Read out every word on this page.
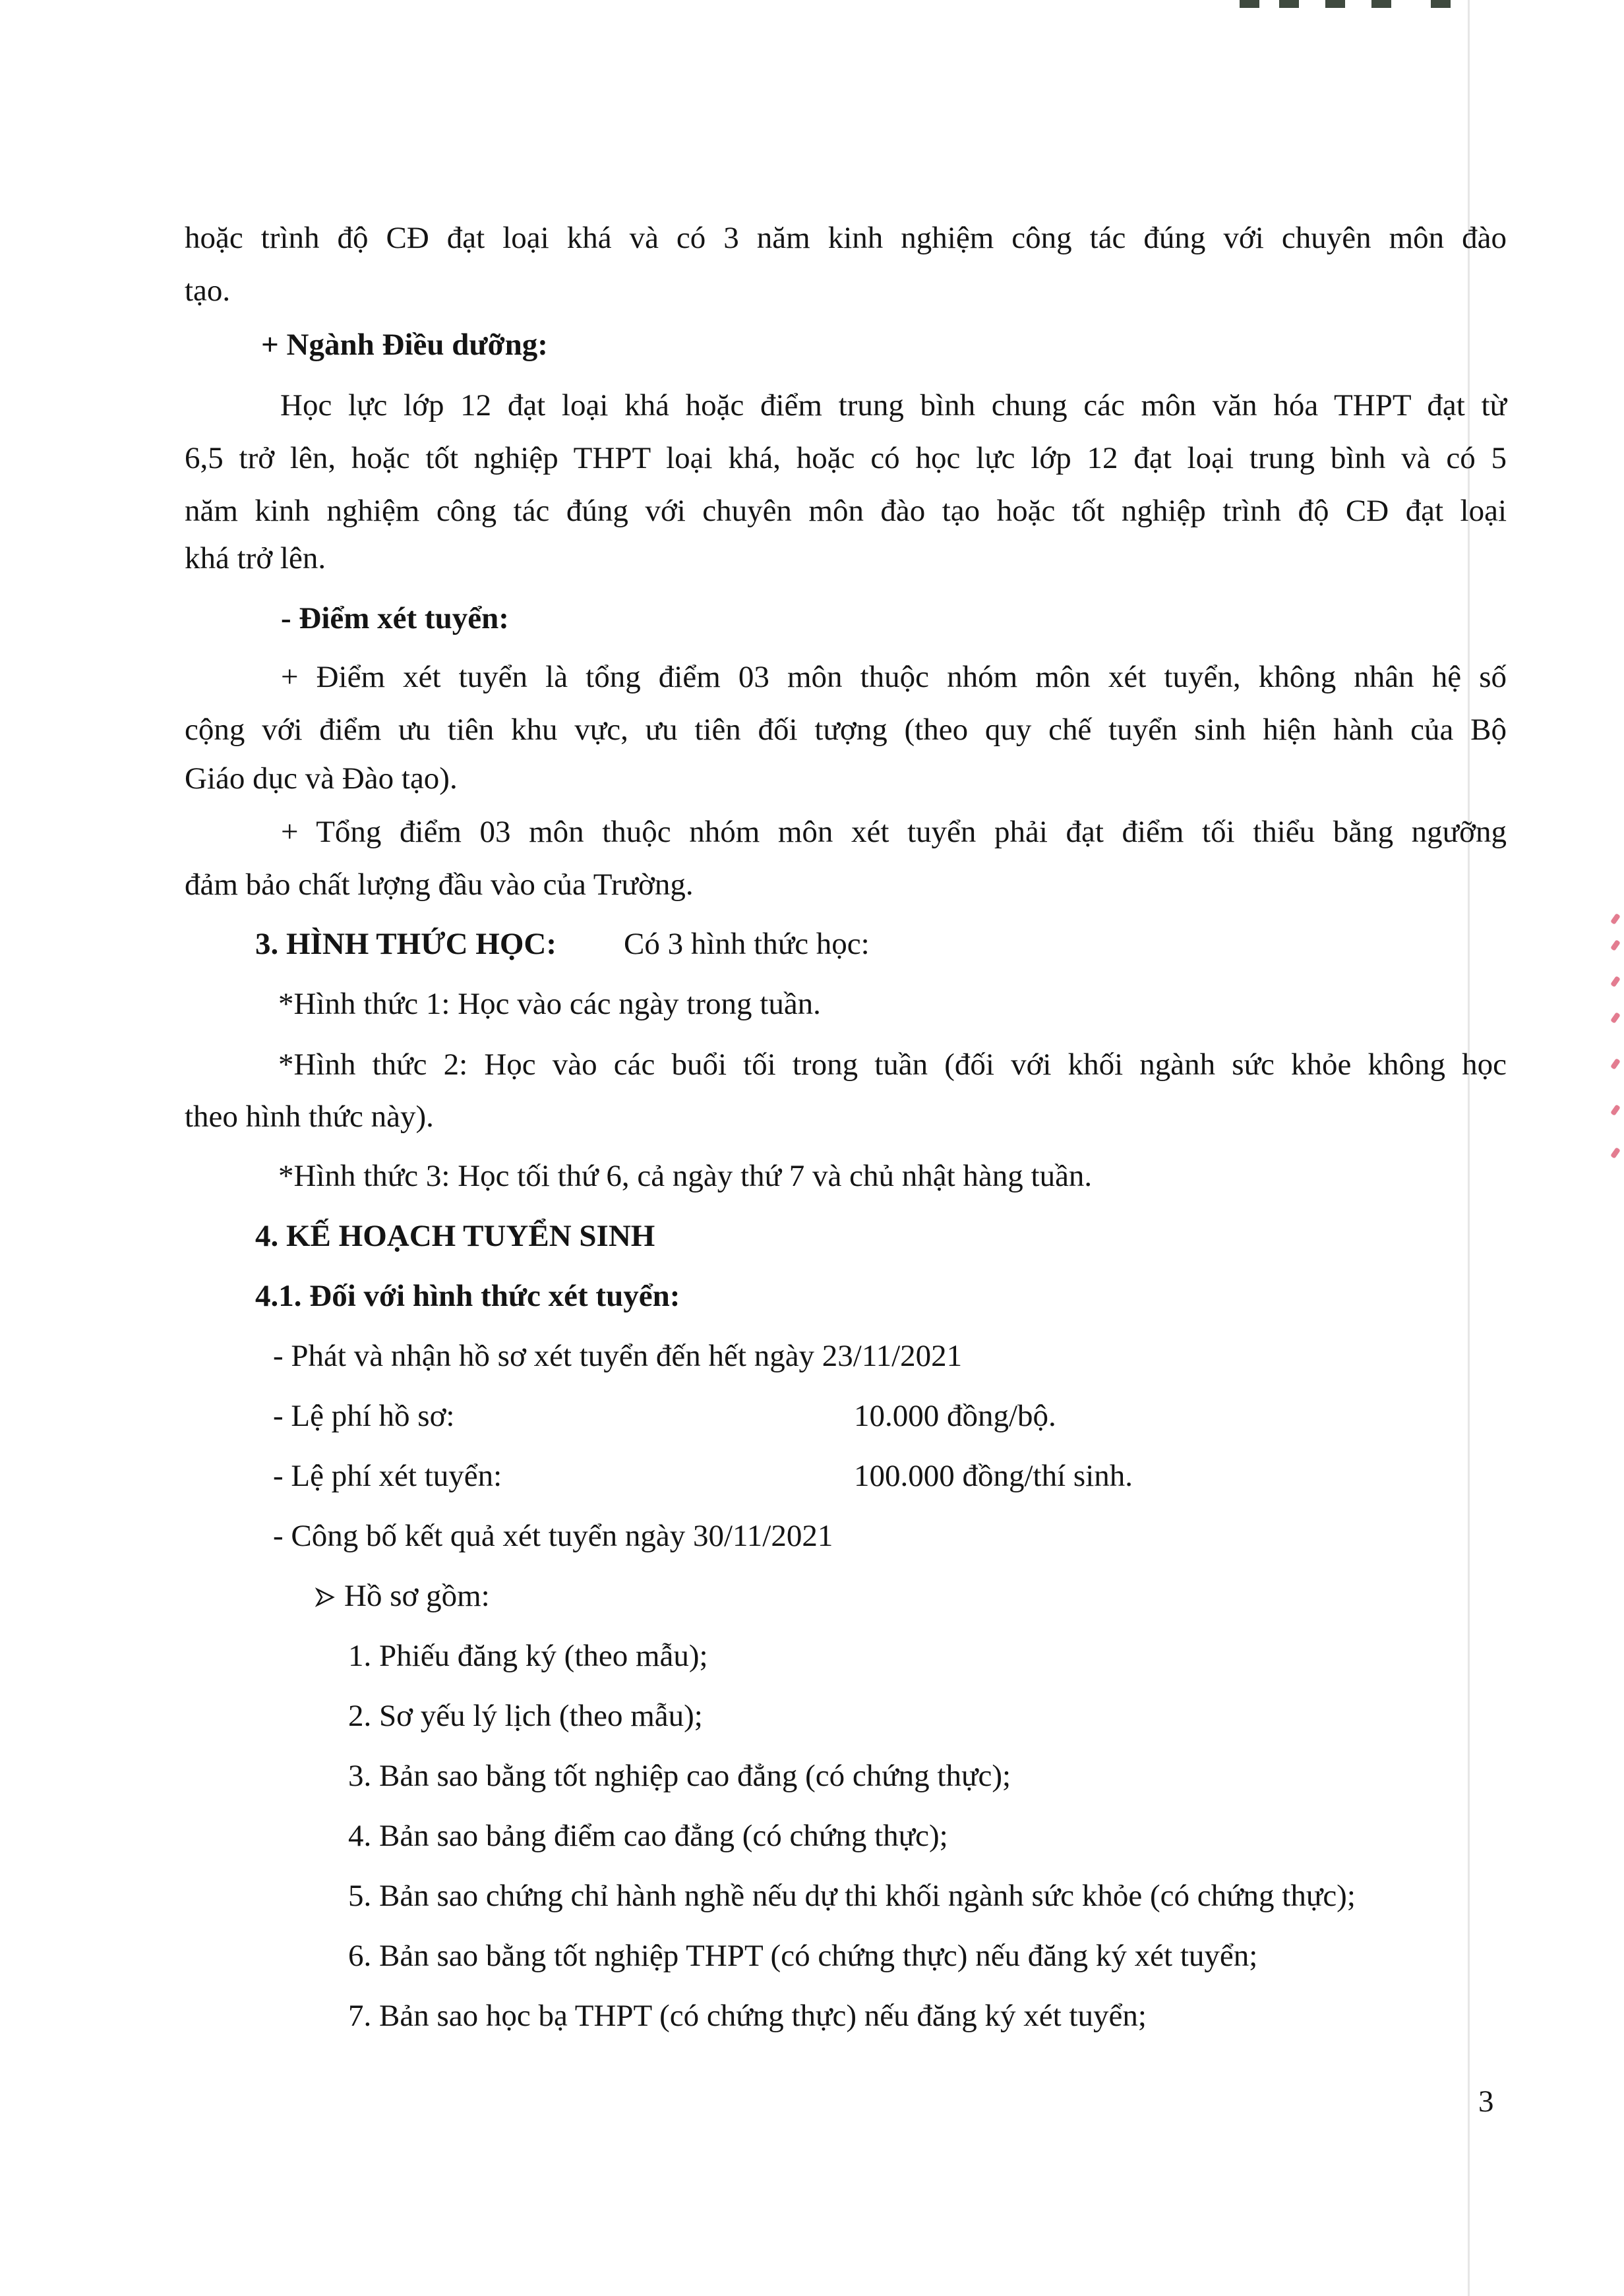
hoặc trình độ CĐ đạt loại khá và có 3 năm kinh nghiệm công tác đúng với chuyên môn đào
tạo.
+ Ngành Điều dưỡng:
Học lực lớp 12 đạt loại khá hoặc điểm trung bình chung các môn văn hóa THPT đạt từ
6,5 trở lên, hoặc tốt nghiệp THPT loại khá, hoặc có học lực lớp 12 đạt loại trung bình và có 5
năm kinh nghiệm công tác đúng với chuyên môn đào tạo hoặc tốt nghiệp trình độ CĐ đạt loại
khá trở lên.
- Điểm xét tuyển:
+ Điểm xét tuyển là tổng điểm 03 môn thuộc nhóm môn xét tuyển, không nhân hệ số
cộng với điểm ưu tiên khu vực, ưu tiên đối tượng (theo quy chế tuyển sinh hiện hành của Bộ
Giáo dục và Đào tạo).
+ Tổng điểm 03 môn thuộc nhóm môn xét tuyển phải đạt điểm tối thiểu bằng ngưỡng
đảm bảo chất lượng đầu vào của Trường.
3. HÌNH THỨC HỌC: Có 3 hình thức học:
*Hình thức 1: Học vào các ngày trong tuần.
*Hình thức 2: Học vào các buổi tối trong tuần (đối với khối ngành sức khỏe không học
theo hình thức này).
*Hình thức 3: Học tối thứ 6, cả ngày thứ 7 và chủ nhật hàng tuần.
4. KẾ HOẠCH TUYỂN SINH
4.1. Đối với hình thức xét tuyển:
- Phát và nhận hồ sơ xét tuyển đến hết ngày 23/11/2021
- Lệ phí hồ sơ:	10.000 đồng/bộ.
- Lệ phí xét tuyển:	100.000 đồng/thí sinh.
- Công bố kết quả xét tuyển ngày 30/11/2021
Hồ sơ gồm:
1. Phiếu đăng ký (theo mẫu);
2. Sơ yếu lý lịch (theo mẫu);
3. Bản sao bằng tốt nghiệp cao đẳng (có chứng thực);
4. Bản sao bảng điểm cao đẳng (có chứng thực);
5. Bản sao chứng chỉ hành nghề nếu dự thi khối ngành sức khỏe (có chứng thực);
6. Bản sao bằng tốt nghiệp THPT (có chứng thực) nếu đăng ký xét tuyển;
7. Bản sao học bạ THPT (có chứng thực) nếu đăng ký xét tuyển;
3
